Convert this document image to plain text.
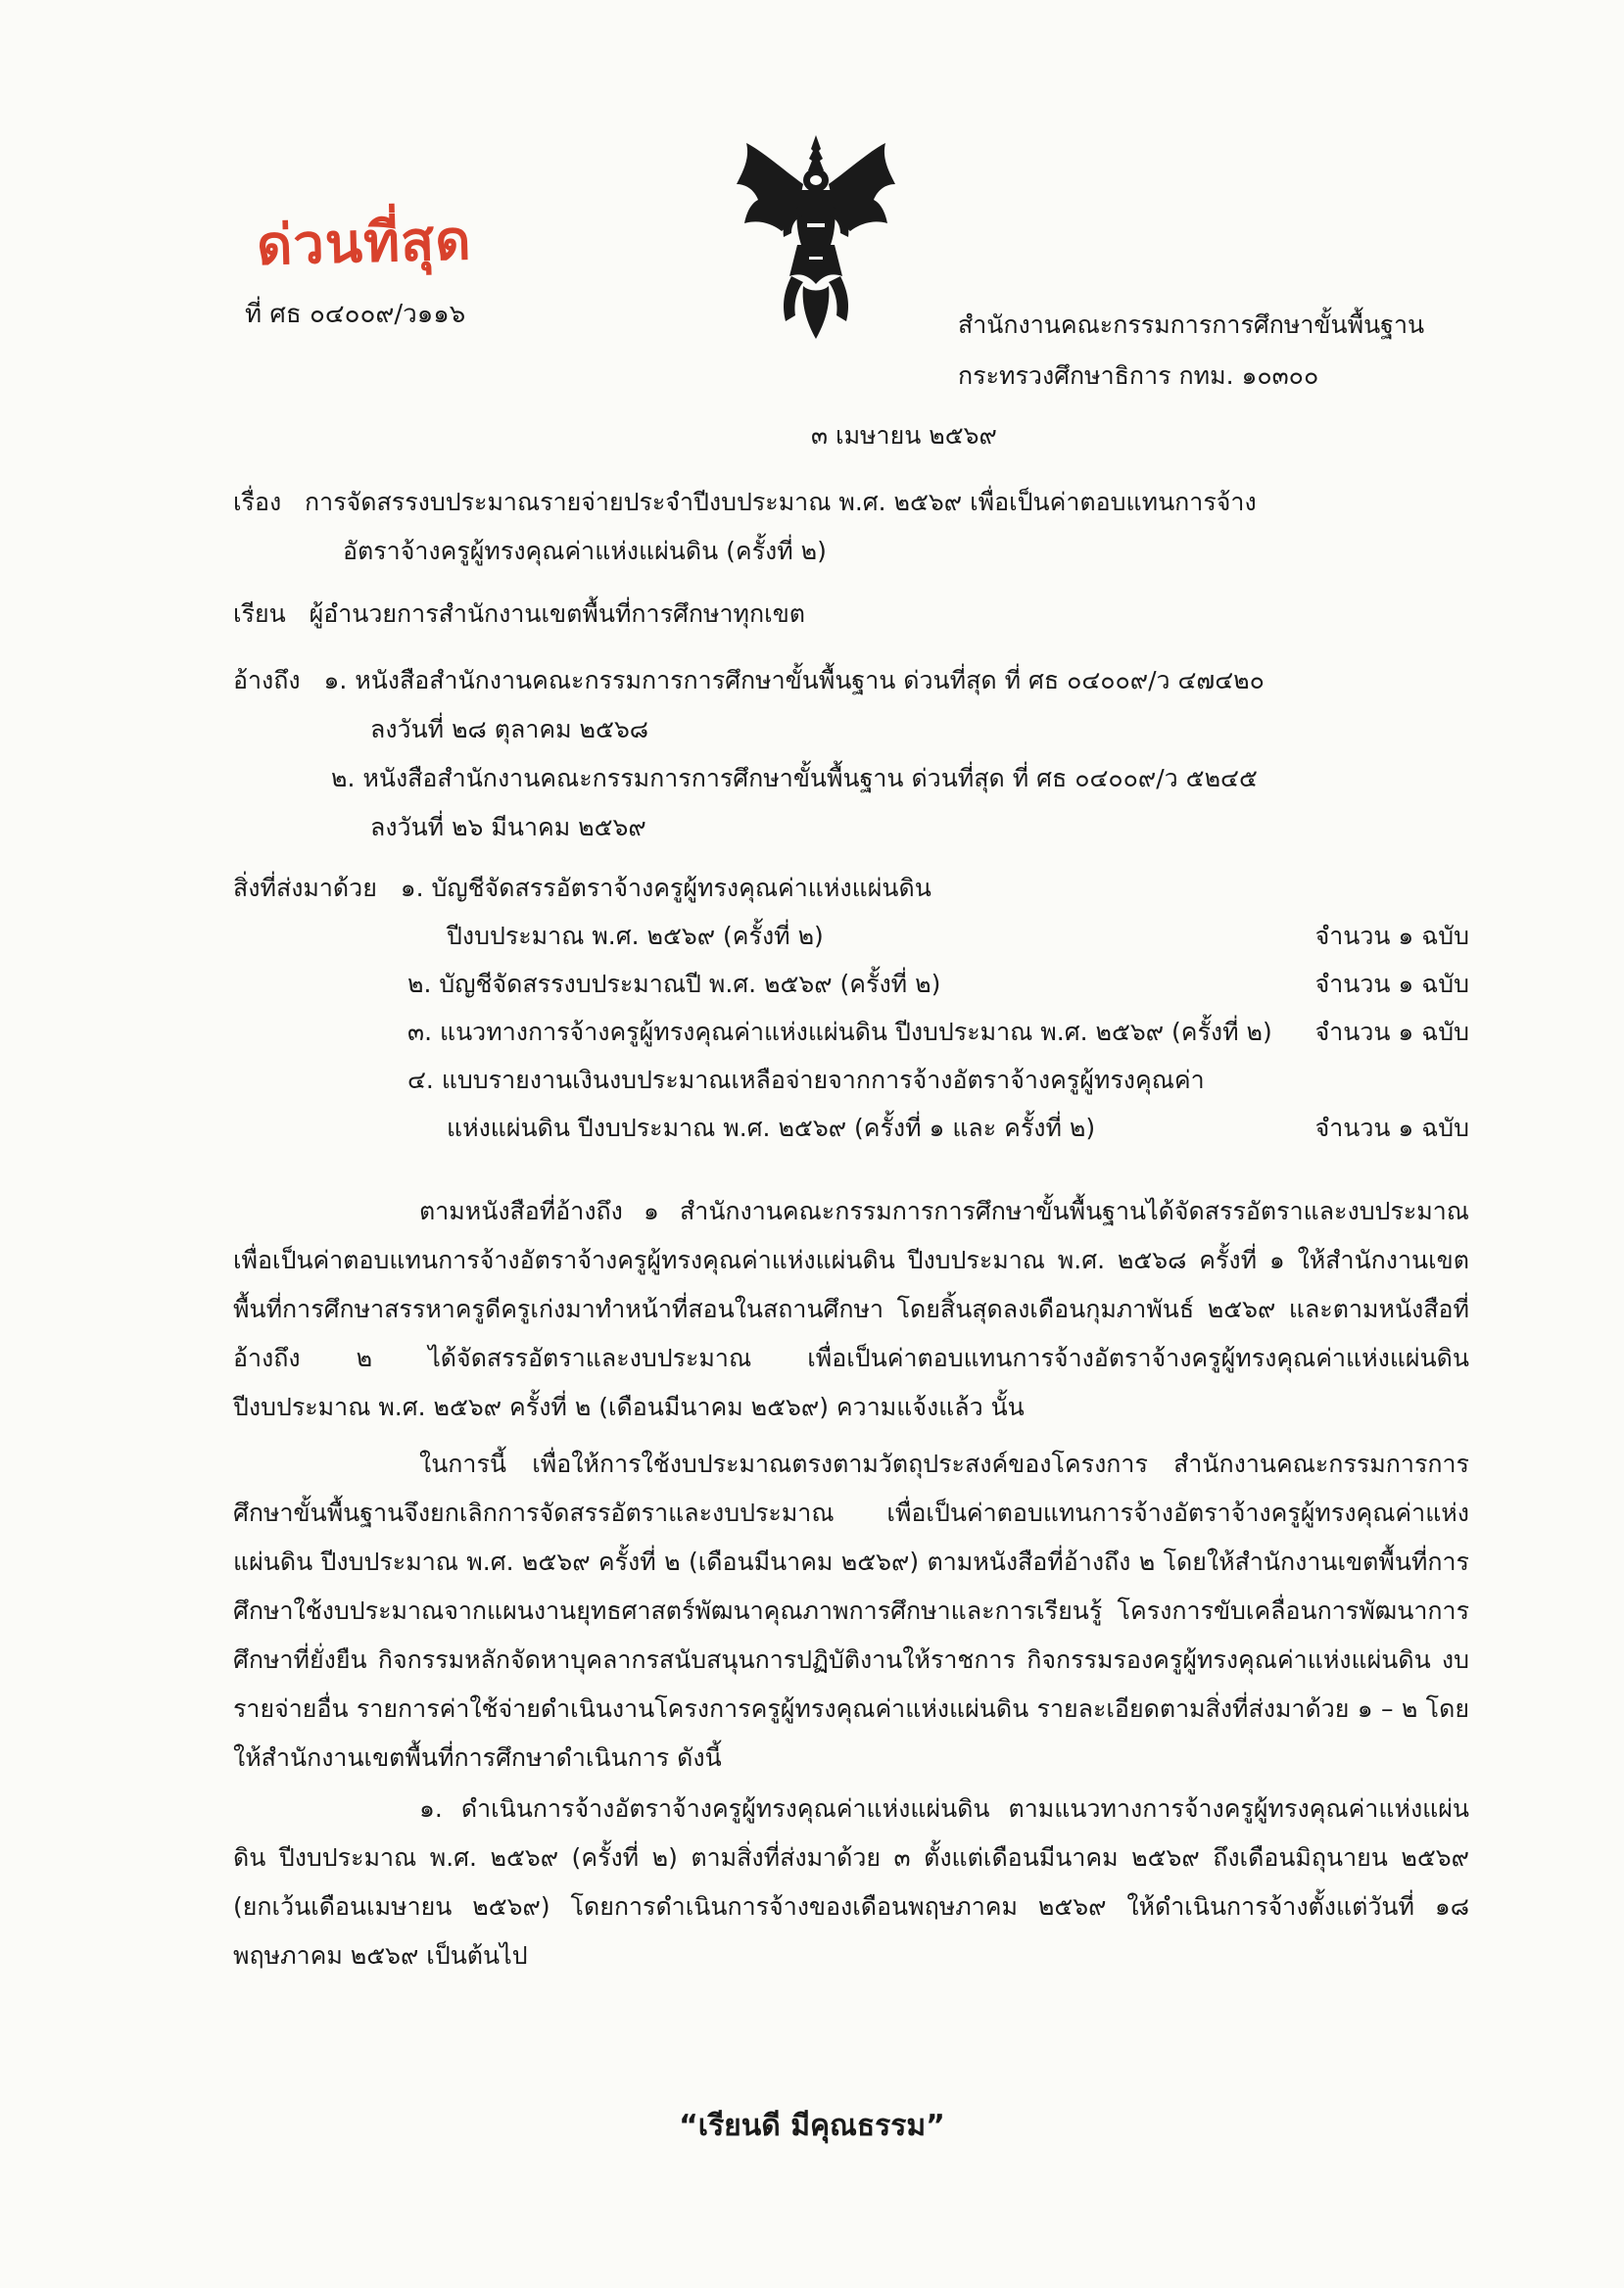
ด่วนที่สุด
ที่ ศธ ๐๔๐๐๙/ว๑๑๖	สำนักงานคณะกรรมการการศึกษาขั้นพื้นฐาน
กระทรวงศึกษาธิการ กทม. ๑๐๓๐๐
๓ เมษายน ๒๕๖๙
เรื่อง การจัดสรรงบประมาณรายจ่ายประจำปีงบประมาณ พ.ศ. ๒๕๖๙ เพื่อเป็นค่าตอบแทนการจ้าง
อัตราจ้างครูผู้ทรงคุณค่าแห่งแผ่นดิน (ครั้งที่ ๒)
เรียน ผู้อำนวยการสำนักงานเขตพื้นที่การศึกษาทุกเขต
อ้างถึง ๑. หนังสือสำนักงานคณะกรรมการการศึกษาขั้นพื้นฐาน ด่วนที่สุด ที่ ศธ ๐๔๐๐๙/ว ๔๗๔๒๐
ลงวันที่ ๒๘ ตุลาคม ๒๕๖๘
๒. หนังสือสำนักงานคณะกรรมการการศึกษาขั้นพื้นฐาน ด่วนที่สุด ที่ ศธ ๐๔๐๐๙/ว ๕๒๔๕
ลงวันที่ ๒๖ มีนาคม ๒๕๖๙
สิ่งที่ส่งมาด้วย ๑. บัญชีจัดสรรอัตราจ้างครูผู้ทรงคุณค่าแห่งแผ่นดิน
ปีงบประมาณ พ.ศ. ๒๕๖๙ (ครั้งที่ ๒)	จำนวน ๑ ฉบับ
๒. บัญชีจัดสรรงบประมาณปี พ.ศ. ๒๕๖๙ (ครั้งที่ ๒)	จำนวน ๑ ฉบับ
๓. แนวทางการจ้างครูผู้ทรงคุณค่าแห่งแผ่นดิน ปีงบประมาณ พ.ศ. ๒๕๖๙ (ครั้งที่ ๒) จำนวน ๑ ฉบับ
๔. แบบรายงานเงินงบประมาณเหลือจ่ายจากการจ้างอัตราจ้างครูผู้ทรงคุณค่า
แห่งแผ่นดิน ปีงบประมาณ พ.ศ. ๒๕๖๙ (ครั้งที่ ๑ และ ครั้งที่ ๒)	จำนวน ๑ ฉบับ

ตามหนังสือที่อ้างถึง ๑ สำนักงานคณะกรรมการการศึกษาขั้นพื้นฐานได้จัดสรรอัตราและงบประมาณเพื่อเป็นค่าตอบแทนการจ้างอัตราจ้างครูผู้ทรงคุณค่าแห่งแผ่นดิน ปีงบประมาณ พ.ศ. ๒๕๖๘ ครั้งที่ ๑ ให้สำนักงานเขตพื้นที่การศึกษาสรรหาครูดีครูเก่งมาทำหน้าที่สอนในสถานศึกษา โดยสิ้นสุดลงเดือนกุมภาพันธ์ ๒๕๖๙ และตามหนังสือที่อ้างถึง ๒ ได้จัดสรรอัตราและงบประมาณ เพื่อเป็นค่าตอบแทนการจ้างอัตราจ้างครูผู้ทรงคุณค่าแห่งแผ่นดิน ปีงบประมาณ พ.ศ. ๒๕๖๙ ครั้งที่ ๒ (เดือนมีนาคม ๒๕๖๙) ความแจ้งแล้ว นั้น

ในการนี้ เพื่อให้การใช้งบประมาณตรงตามวัตถุประสงค์ของโครงการ สำนักงานคณะกรรมการการศึกษาขั้นพื้นฐานจึงยกเลิกการจัดสรรอัตราและงบประมาณ เพื่อเป็นค่าตอบแทนการจ้างอัตราจ้างครูผู้ทรงคุณค่าแห่งแผ่นดิน ปีงบประมาณ พ.ศ. ๒๕๖๙ ครั้งที่ ๒ (เดือนมีนาคม ๒๕๖๙) ตามหนังสือที่อ้างถึง ๒ โดยให้สำนักงานเขตพื้นที่การศึกษาใช้งบประมาณจากแผนงานยุทธศาสตร์พัฒนาคุณภาพการศึกษาและการเรียนรู้ โครงการขับเคลื่อนการพัฒนาการศึกษาที่ยั่งยืน กิจกรรมหลักจัดหาบุคลากรสนับสนุนการปฏิบัติงานให้ราชการ กิจกรรมรองครูผู้ทรงคุณค่าแห่งแผ่นดิน งบรายจ่ายอื่น รายการค่าใช้จ่ายดำเนินงานโครงการครูผู้ทรงคุณค่าแห่งแผ่นดิน รายละเอียดตามสิ่งที่ส่งมาด้วย ๑ – ๒ โดยให้สำนักงานเขตพื้นที่การศึกษาดำเนินการ ดังนี้

๑. ดำเนินการจ้างอัตราจ้างครูผู้ทรงคุณค่าแห่งแผ่นดิน ตามแนวทางการจ้างครูผู้ทรงคุณค่าแห่งแผ่นดิน ปีงบประมาณ พ.ศ. ๒๕๖๙ (ครั้งที่ ๒) ตามสิ่งที่ส่งมาด้วย ๓ ตั้งแต่เดือนมีนาคม ๒๕๖๙ ถึงเดือนมิถุนายน ๒๕๖๙ (ยกเว้นเดือนเมษายน ๒๕๖๙) โดยการดำเนินการจ้างของเดือนพฤษภาคม ๒๕๖๙ ให้ดำเนินการจ้างตั้งแต่วันที่ ๑๘ พฤษภาคม ๒๕๖๙ เป็นต้นไป

“เรียนดี มีคุณธรรม”
